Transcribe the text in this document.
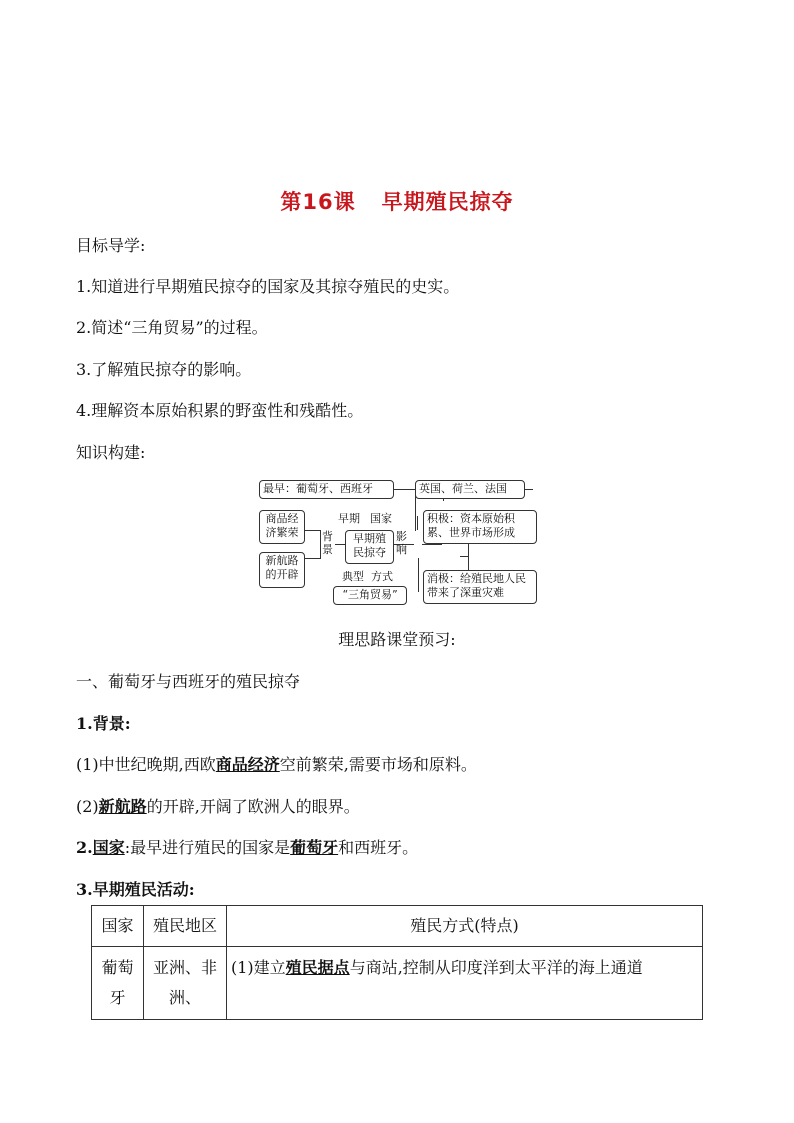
第16课 早期殖民掠夺
目标导学:
1.知道进行早期殖民掠夺的国家及其掠夺殖民的史实。
2.简述“三角贸易”的过程。
3.了解殖民掠夺的影响。
4.理解资本原始积累的野蛮性和残酷性。
知识构建:
最早：葡萄牙、西班牙	英国、荷兰、法国
商品经济繁荣
新航路的开辟
背景
早期 国家
早期殖民掠夺
典型 方式
“三角贸易”
影响
积极：资本原始积累、世界市场形成
消极：给殖民地人民带来了深重灾难
理思路课堂预习:
一、葡萄牙与西班牙的殖民掠夺
1.背景:
(1)中世纪晚期,西欧商品经济空前繁荣,需要市场和原料。
(2)新航路的开辟,开阔了欧洲人的眼界。
2.国家:最早进行殖民的国家是葡萄牙和西班牙。
3.早期殖民活动:
国家	殖民地区	殖民方式(特点)
葡萄牙	亚洲、非洲、	(1)建立殖民据点与商站,控制从印度洋到太平洋的海上通道
